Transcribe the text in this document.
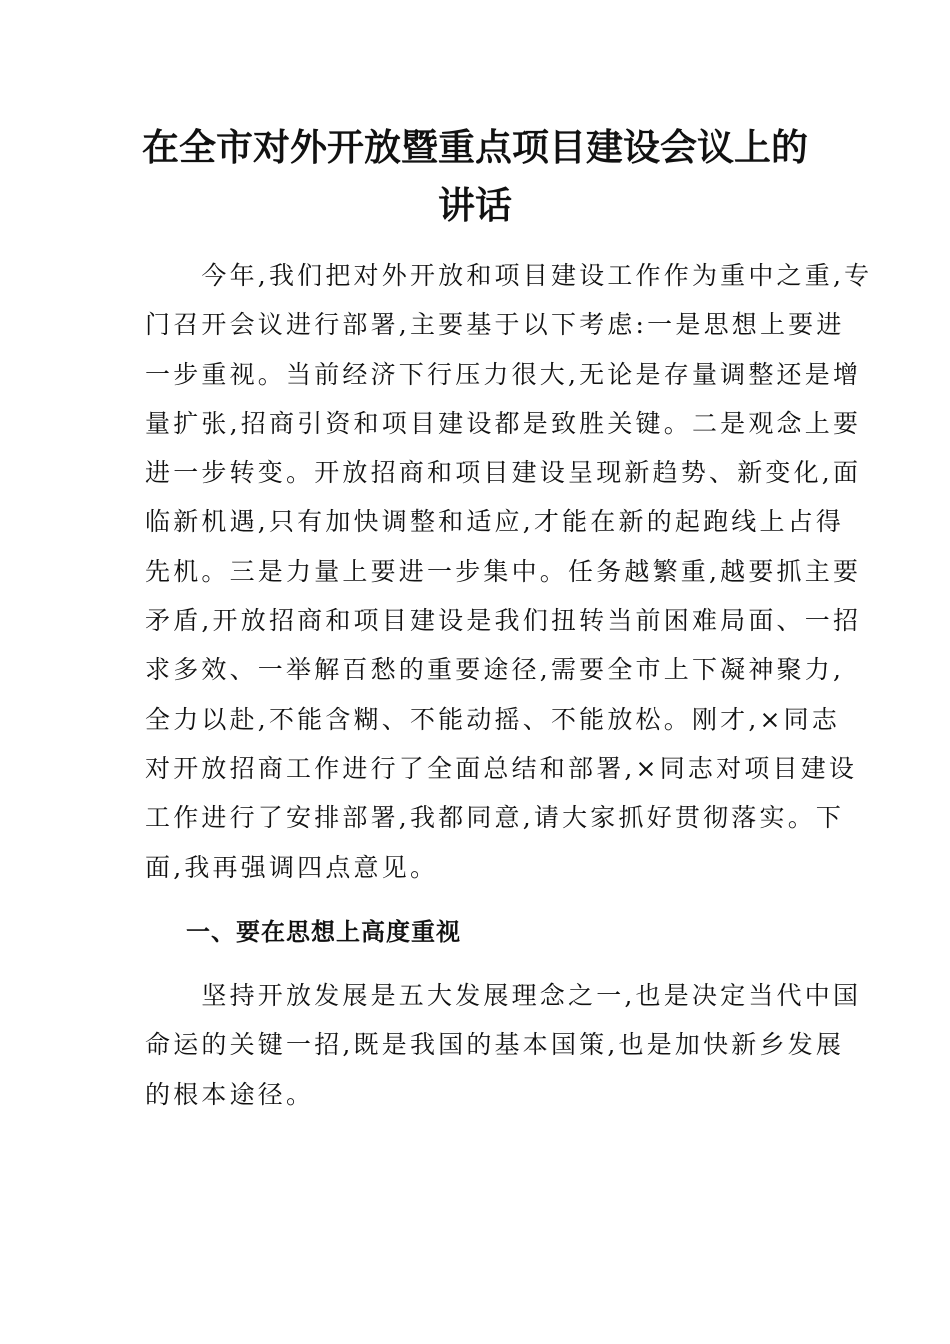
在全市对外开放暨重点项目建设会议上的
讲话

　　今年,我们把对外开放和项目建设工作作为重中之重,专
门召开会议进行部署,主要基于以下考虑:一是思想上要进
一步重视。当前经济下行压力很大,无论是存量调整还是增
量扩张,招商引资和项目建设都是致胜关键。二是观念上要
进一步转变。开放招商和项目建设呈现新趋势、新变化,面
临新机遇,只有加快调整和适应,才能在新的起跑线上占得
先机。三是力量上要进一步集中。任务越繁重,越要抓主要
矛盾,开放招商和项目建设是我们扭转当前困难局面、一招
求多效、一举解百愁的重要途径,需要全市上下凝神聚力,
全力以赴,不能含糊、不能动摇、不能放松。刚才,×同志
对开放招商工作进行了全面总结和部署,×同志对项目建设
工作进行了安排部署,我都同意,请大家抓好贯彻落实。下
面,我再强调四点意见。

一、要在思想上高度重视

　　坚持开放发展是五大发展理念之一,也是决定当代中国
命运的关键一招,既是我国的基本国策,也是加快新乡发展
的根本途径。
